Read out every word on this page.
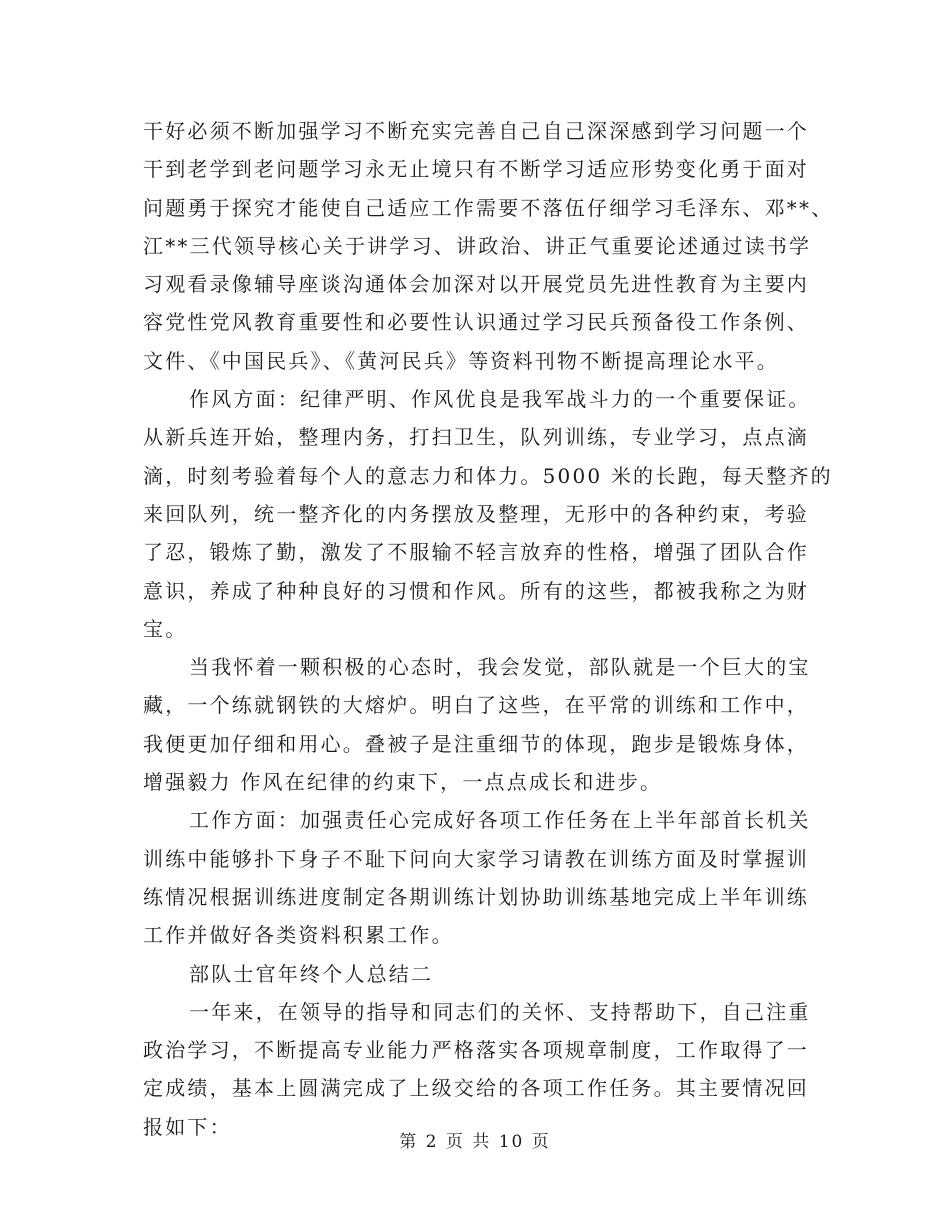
干好必须不断加强学习不断充实完善自己自己深深感到学习问题一个
干到老学到老问题学习永无止境只有不断学习适应形势变化勇于面对
问题勇于探究才能使自己适应工作需要不落伍仔细学习毛泽东、邓**、
江**三代领导核心关于讲学习、讲政治、讲正气重要论述通过读书学
习观看录像辅导座谈沟通体会加深对以开展党员先进性教育为主要内
容党性党风教育重要性和必要性认识通过学习民兵预备役工作条例、
文件、《中国民兵》、《黄河民兵》等资料刊物不断提高理论水平。
作风方面：纪律严明、作风优良是我军战斗力的一个重要保证。
从新兵连开始，整理内务，打扫卫生，队列训练，专业学习，点点滴
滴，时刻考验着每个人的意志力和体力。5000 米的长跑，每天整齐的
来回队列，统一整齐化的内务摆放及整理，无形中的各种约束，考验
了忍，锻炼了勤，激发了不服输不轻言放弃的性格，增强了团队合作
意识，养成了种种良好的习惯和作风。所有的这些，都被我称之为财
宝。
当我怀着一颗积极的心态时，我会发觉，部队就是一个巨大的宝
藏，一个练就钢铁的大熔炉。明白了这些，在平常的训练和工作中，
我便更加仔细和用心。叠被子是注重细节的体现，跑步是锻炼身体，
增强毅力 作风在纪律的约束下，一点点成长和进步。
工作方面：加强责任心完成好各项工作任务在上半年部首长机关
训练中能够扑下身子不耻下问向大家学习请教在训练方面及时掌握训
练情况根据训练进度制定各期训练计划协助训练基地完成上半年训练
工作并做好各类资料积累工作。
部队士官年终个人总结二
一年来，在领导的指导和同志们的关怀、支持帮助下，自己注重
政治学习，不断提高专业能力严格落实各项规章制度，工作取得了一
定成绩，基本上圆满完成了上级交给的各项工作任务。其主要情况回
报如下：
第 2 页 共 10 页
